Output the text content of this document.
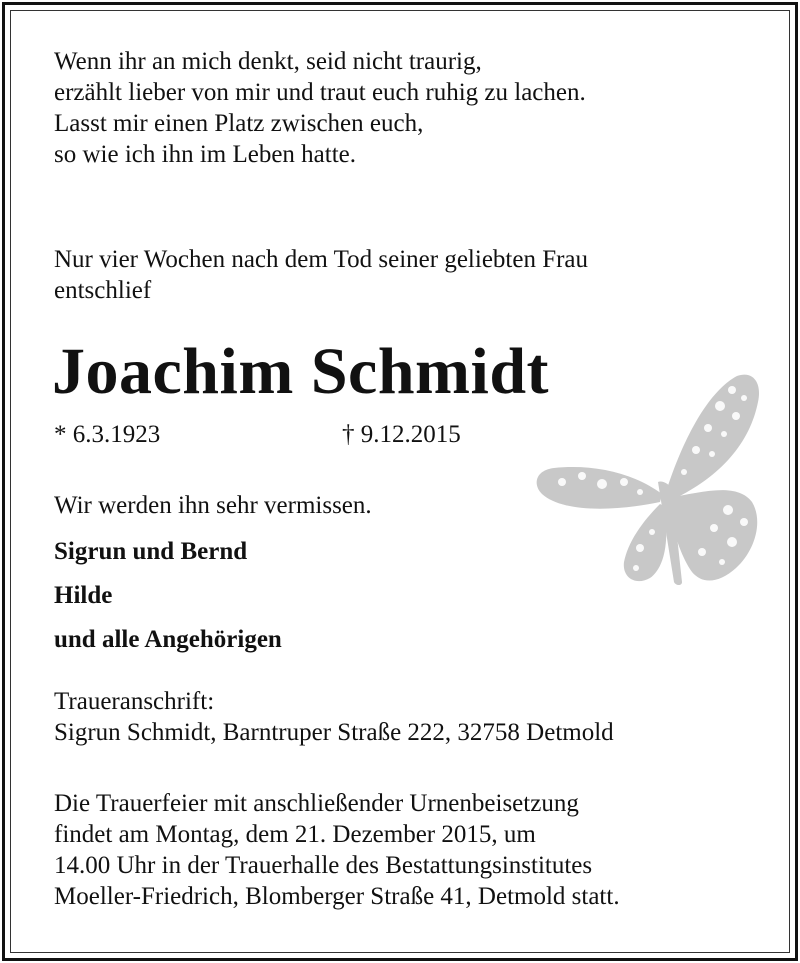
Wenn ihr an mich denkt, seid nicht traurig,
erzählt lieber von mir und traut euch ruhig zu lachen.
Lasst mir einen Platz zwischen euch,
so wie ich ihn im Leben hatte.
Nur vier Wochen nach dem Tod seiner geliebten Frau
entschlief
Joachim Schmidt
* 6.3.1923	† 9.12.2015
Wir werden ihn sehr vermissen.
Sigrun und Bernd
Hilde
und alle Angehörigen
Traueranschrift:
Sigrun Schmidt, Barntruper Straße 222, 32758 Detmold
Die Trauerfeier mit anschließender Urnenbeisetzung
findet am Montag, dem 21. Dezember 2015, um
14.00 Uhr in der Trauerhalle des Bestattungsinstitutes
Moeller-Friedrich, Blomberger Straße 41, Detmold statt.
